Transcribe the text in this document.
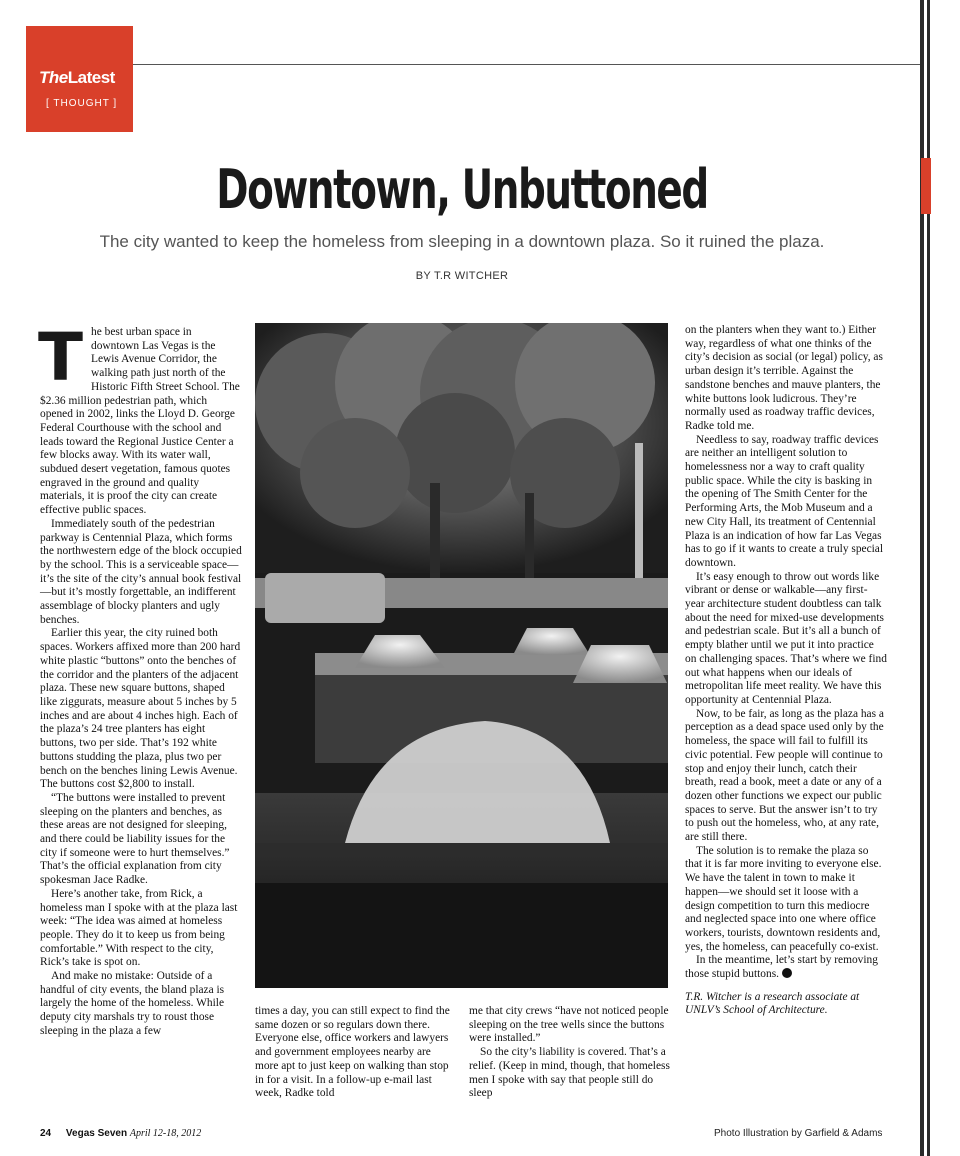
TheLatest
[ THOUGHT ]
Downtown, Unbuttoned
The city wanted to keep the homeless from sleeping in a downtown plaza. So it ruined the plaza.
BY T.R WITCHER

The best urban space in downtown Las Vegas is the Lewis Avenue Corridor, the walking path just north of the Historic Fifth Street School. The $2.36 million pedestrian path, which opened in 2002, links the Lloyd D. George Federal Courthouse with the school and leads toward the Regional Justice Center a few blocks away. With its water wall, subdued desert vegetation, famous quotes engraved in the ground and quality materials, it is proof the city can create effective public spaces.

Immediately south of the pedestrian parkway is Centennial Plaza, which forms the northwestern edge of the block occupied by the school. This is a serviceable space—it’s the site of the city’s annual book festival—but it’s mostly forgettable, an indifferent assemblage of blocky planters and ugly benches.

Earlier this year, the city ruined both spaces. Workers affixed more than 200 hard white plastic “buttons” onto the benches of the corridor and the planters of the adjacent plaza. These new square buttons, shaped like ziggurats, measure about 5 inches by 5 inches and are about 4 inches high. Each of the plaza’s 24 tree planters has eight buttons, two per side. That’s 192 white buttons studding the plaza, plus two per bench on the benches lining Lewis Avenue. The buttons cost $2,800 to install.

“The buttons were installed to prevent sleeping on the planters and benches, as these areas are not designed for sleeping, and there could be liability issues for the city if someone were to hurt themselves.” That’s the official explanation from city spokesman Jace Radke.

Here’s another take, from Rick, a homeless man I spoke with at the plaza last week: “The idea was aimed at homeless people. They do it to keep us from being comfortable.” With respect to the city, Rick’s take is spot on.

And make no mistake: Outside of a handful of city events, the bland plaza is largely the home of the homeless. While deputy city marshals try to roust those sleeping in the plaza a few

times a day, you can still expect to find the same dozen or so regulars down there. Everyone else, office workers and lawyers and government employees nearby are more apt to just keep on walking than stop in for a visit. In a follow-up e-mail last week, Radke told

me that city crews “have not noticed people sleeping on the tree wells since the buttons were installed.”

So the city’s liability is covered. That’s a relief. (Keep in mind, though, that homeless men I spoke with say that people still do sleep

on the planters when they want to.) Either way, regardless of what one thinks of the city’s decision as social (or legal) policy, as urban design it’s terrible. Against the sandstone benches and mauve planters, the white buttons look ludicrous. They’re normally used as roadway traffic devices, Radke told me.

Needless to say, roadway traffic devices are neither an intelligent solution to homelessness nor a way to craft quality public space. While the city is basking in the opening of The Smith Center for the Performing Arts, the Mob Museum and a new City Hall, its treatment of Centennial Plaza is an indication of how far Las Vegas has to go if it wants to create a truly special downtown.

It’s easy enough to throw out words like vibrant or dense or walkable—any first-year architecture student doubtless can talk about the need for mixed-use developments and pedestrian scale. But it’s all a bunch of empty blather until we put it into practice on challenging spaces. That’s where we find out what happens when our ideals of metropolitan life meet reality. We have this opportunity at Centennial Plaza.

Now, to be fair, as long as the plaza has a perception as a dead space used only by the homeless, the space will fail to fulfill its civic potential. Few people will continue to stop and enjoy their lunch, catch their breath, read a book, meet a date or any of a dozen other functions we expect our public spaces to serve. But the answer isn’t to try to push out the homeless, who, at any rate, are still there.

The solution is to remake the plaza so that it is far more inviting to everyone else. We have the talent in town to make it happen—we should set it loose with a design competition to turn this mediocre and neglected space into one where office workers, tourists, downtown residents and, yes, the homeless, can peacefully co-exist.

In the meantime, let’s start by removing those stupid buttons.

T.R. Witcher is a research associate at UNLV’s School of Architecture.

24 Vegas Seven April 12-18, 2012	Photo Illustration by Garfield & Adams
